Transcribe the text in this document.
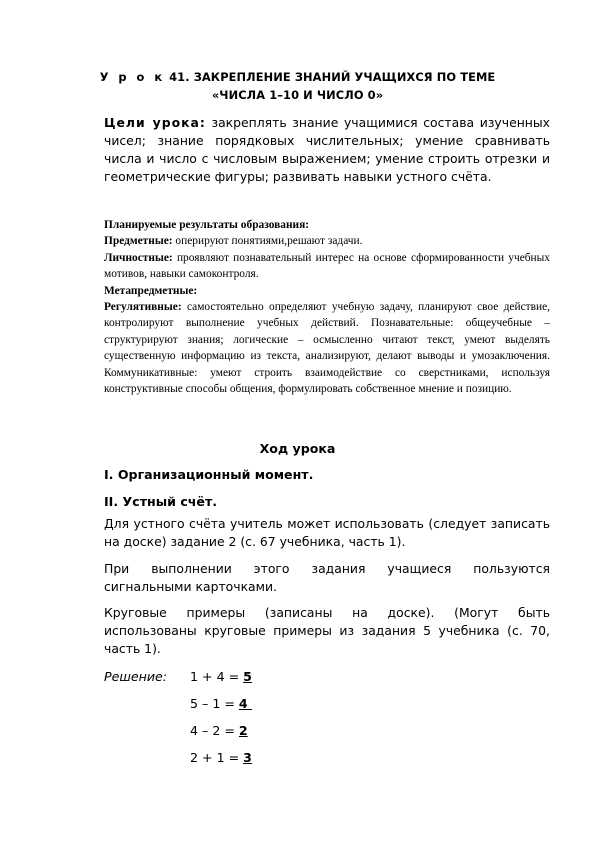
У р о к 41. ЗАКРЕПЛЕНИЕ ЗНАНИЙ УЧАЩИХСЯ ПО ТЕМЕ
«ЧИСЛА 1–10 И ЧИСЛО 0»
Цели урока: закреплять знание учащимися состава изученных чисел; знание порядковых числительных; умение сравнивать числа и число с числовым выражением; умение строить отрезки и геометрические фигуры; развивать навыки устного счёта.

Планируемые результаты образования:

Предметные: оперируют понятиями,решают задачи.

Личностные: проявляют познавательный интерес на основе сформированности учебных мотивов, навыки самоконтроля.

Метапредметные:

Регулятивные: самостоятельно определяют учебную задачу, планируют свое действие, контролируют выполнение учебных действий. Познавательные: общеучебные – структурируют знания; логические – осмысленно читают текст, умеют выделять существенную информацию из текста, анализируют, делают выводы и умозаключения. Коммуникативные: умеют строить взаимодействие со сверстниками, используя конструктивные способы общения, формулировать собственное мнение и позицию.

Ход урока
I. Организационный момент.
II. Устный счёт.
Для устного счёта учитель может использовать (следует записать на доске) задание 2 (с. 67 учебника, часть 1).
При выполнении этого задания учащиеся пользуются сигнальными карточками.
Круговые примеры (записаны на доске). (Могут быть использованы круговые примеры из задания 5 учебника (с. 70, часть 1).
Решение: 1 + 4 = 5
5 – 1 = 4
4 – 2 = 2
2 + 1 = 3
